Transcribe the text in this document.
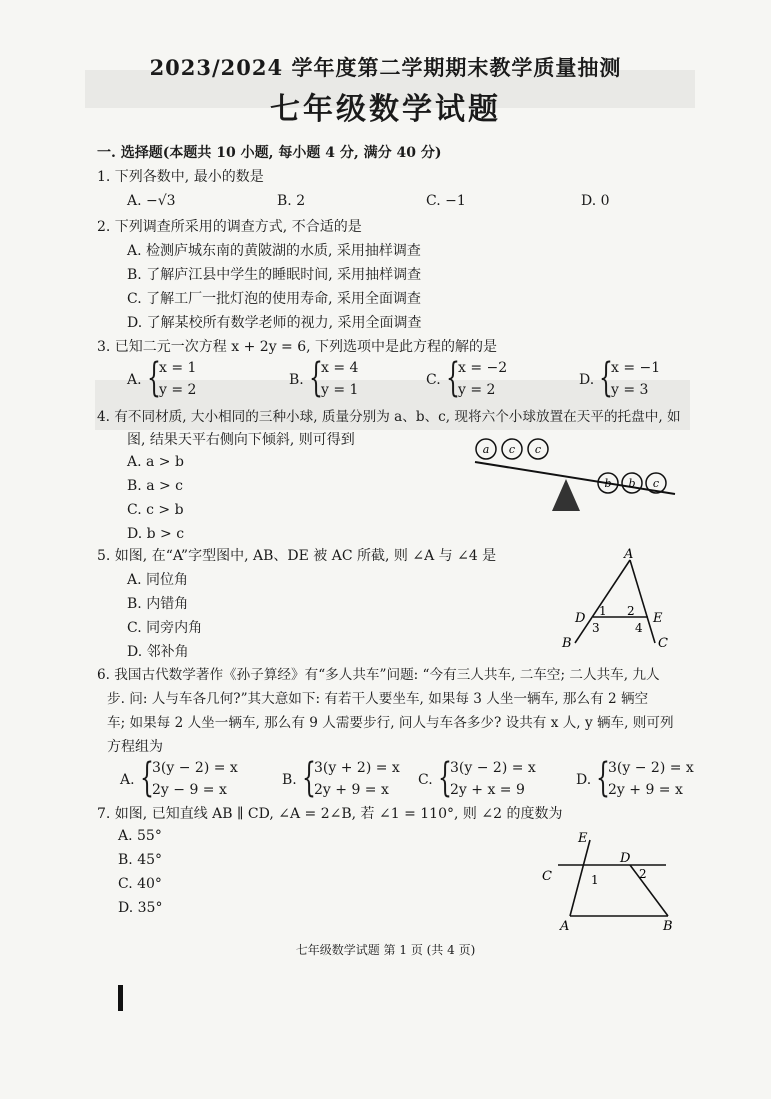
2023/2024 学年度第二学期期末教学质量抽测
七年级数学试题
一. 选择题(本题共 10 小题, 每小题 4 分, 满分 40 分)
1. 下列各数中, 最小的数是
A. −√3	B. 2	C. −1	D. 0
2. 下列调查所采用的调查方式, 不合适的是
A. 检测庐城东南的黄陂湖的水质, 采用抽样调查
B. 了解庐江县中学生的睡眠时间, 采用抽样调查
C. 了解工厂一批灯泡的使用寿命, 采用全面调查
D. 了解某校所有数学老师的视力, 采用全面调查
3. 已知二元一次方程 x + 2y = 6, 下列选项中是此方程的解的是
A. {
x = 1
y = 2
B. {
x = 4
y = 1
C. {
x = −2
y = 2
D. {
x = −1
y = 3
4. 有不同材质, 大小相同的三种小球, 质量分别为 a、b、c, 现将六个小球放置在天平的托盘中, 如
图, 结果天平右侧向下倾斜, 则可得到
A. a > b
B. a > c
C. c > b
D. b > c
a c c
b b c
5. 如图, 在“A”字型图中, AB、DE 被 AC 所截, 则 ∠A 与 ∠4 是
A. 同位角
B. 内错角
C. 同旁内角
D. 邻补角
A
B	C
D	E
1 2
3	4
6. 我国古代数学著作《孙子算经》有“多人共车”问题: “今有三人共车, 二车空; 二人共车, 九人
步. 问: 人与车各几何?”其大意如下: 有若干人要坐车, 如果每 3 人坐一辆车, 那么有 2 辆空
车; 如果每 2 人坐一辆车, 那么有 9 人需要步行, 问人与车各多少? 设共有 x 人, y 辆车, 则可列
方程组为
A. {
3(y − 2) = x
2y − 9 = x
B. {
3(y + 2) = x
2y + 9 = x
C. {
3(y − 2) = x
2y + x = 9
D. {
3(y − 2) = x
2y + 9 = x
7. 如图, 已知直线 AB ∥ CD, ∠A = 2∠B, 若 ∠1 = 110°, 则 ∠2 的度数为
A. 55°
B. 45°
C. 40°
D. 35°
E
C
D
A	B
1	2
七年级数学试题 第 1 页 (共 4 页)
